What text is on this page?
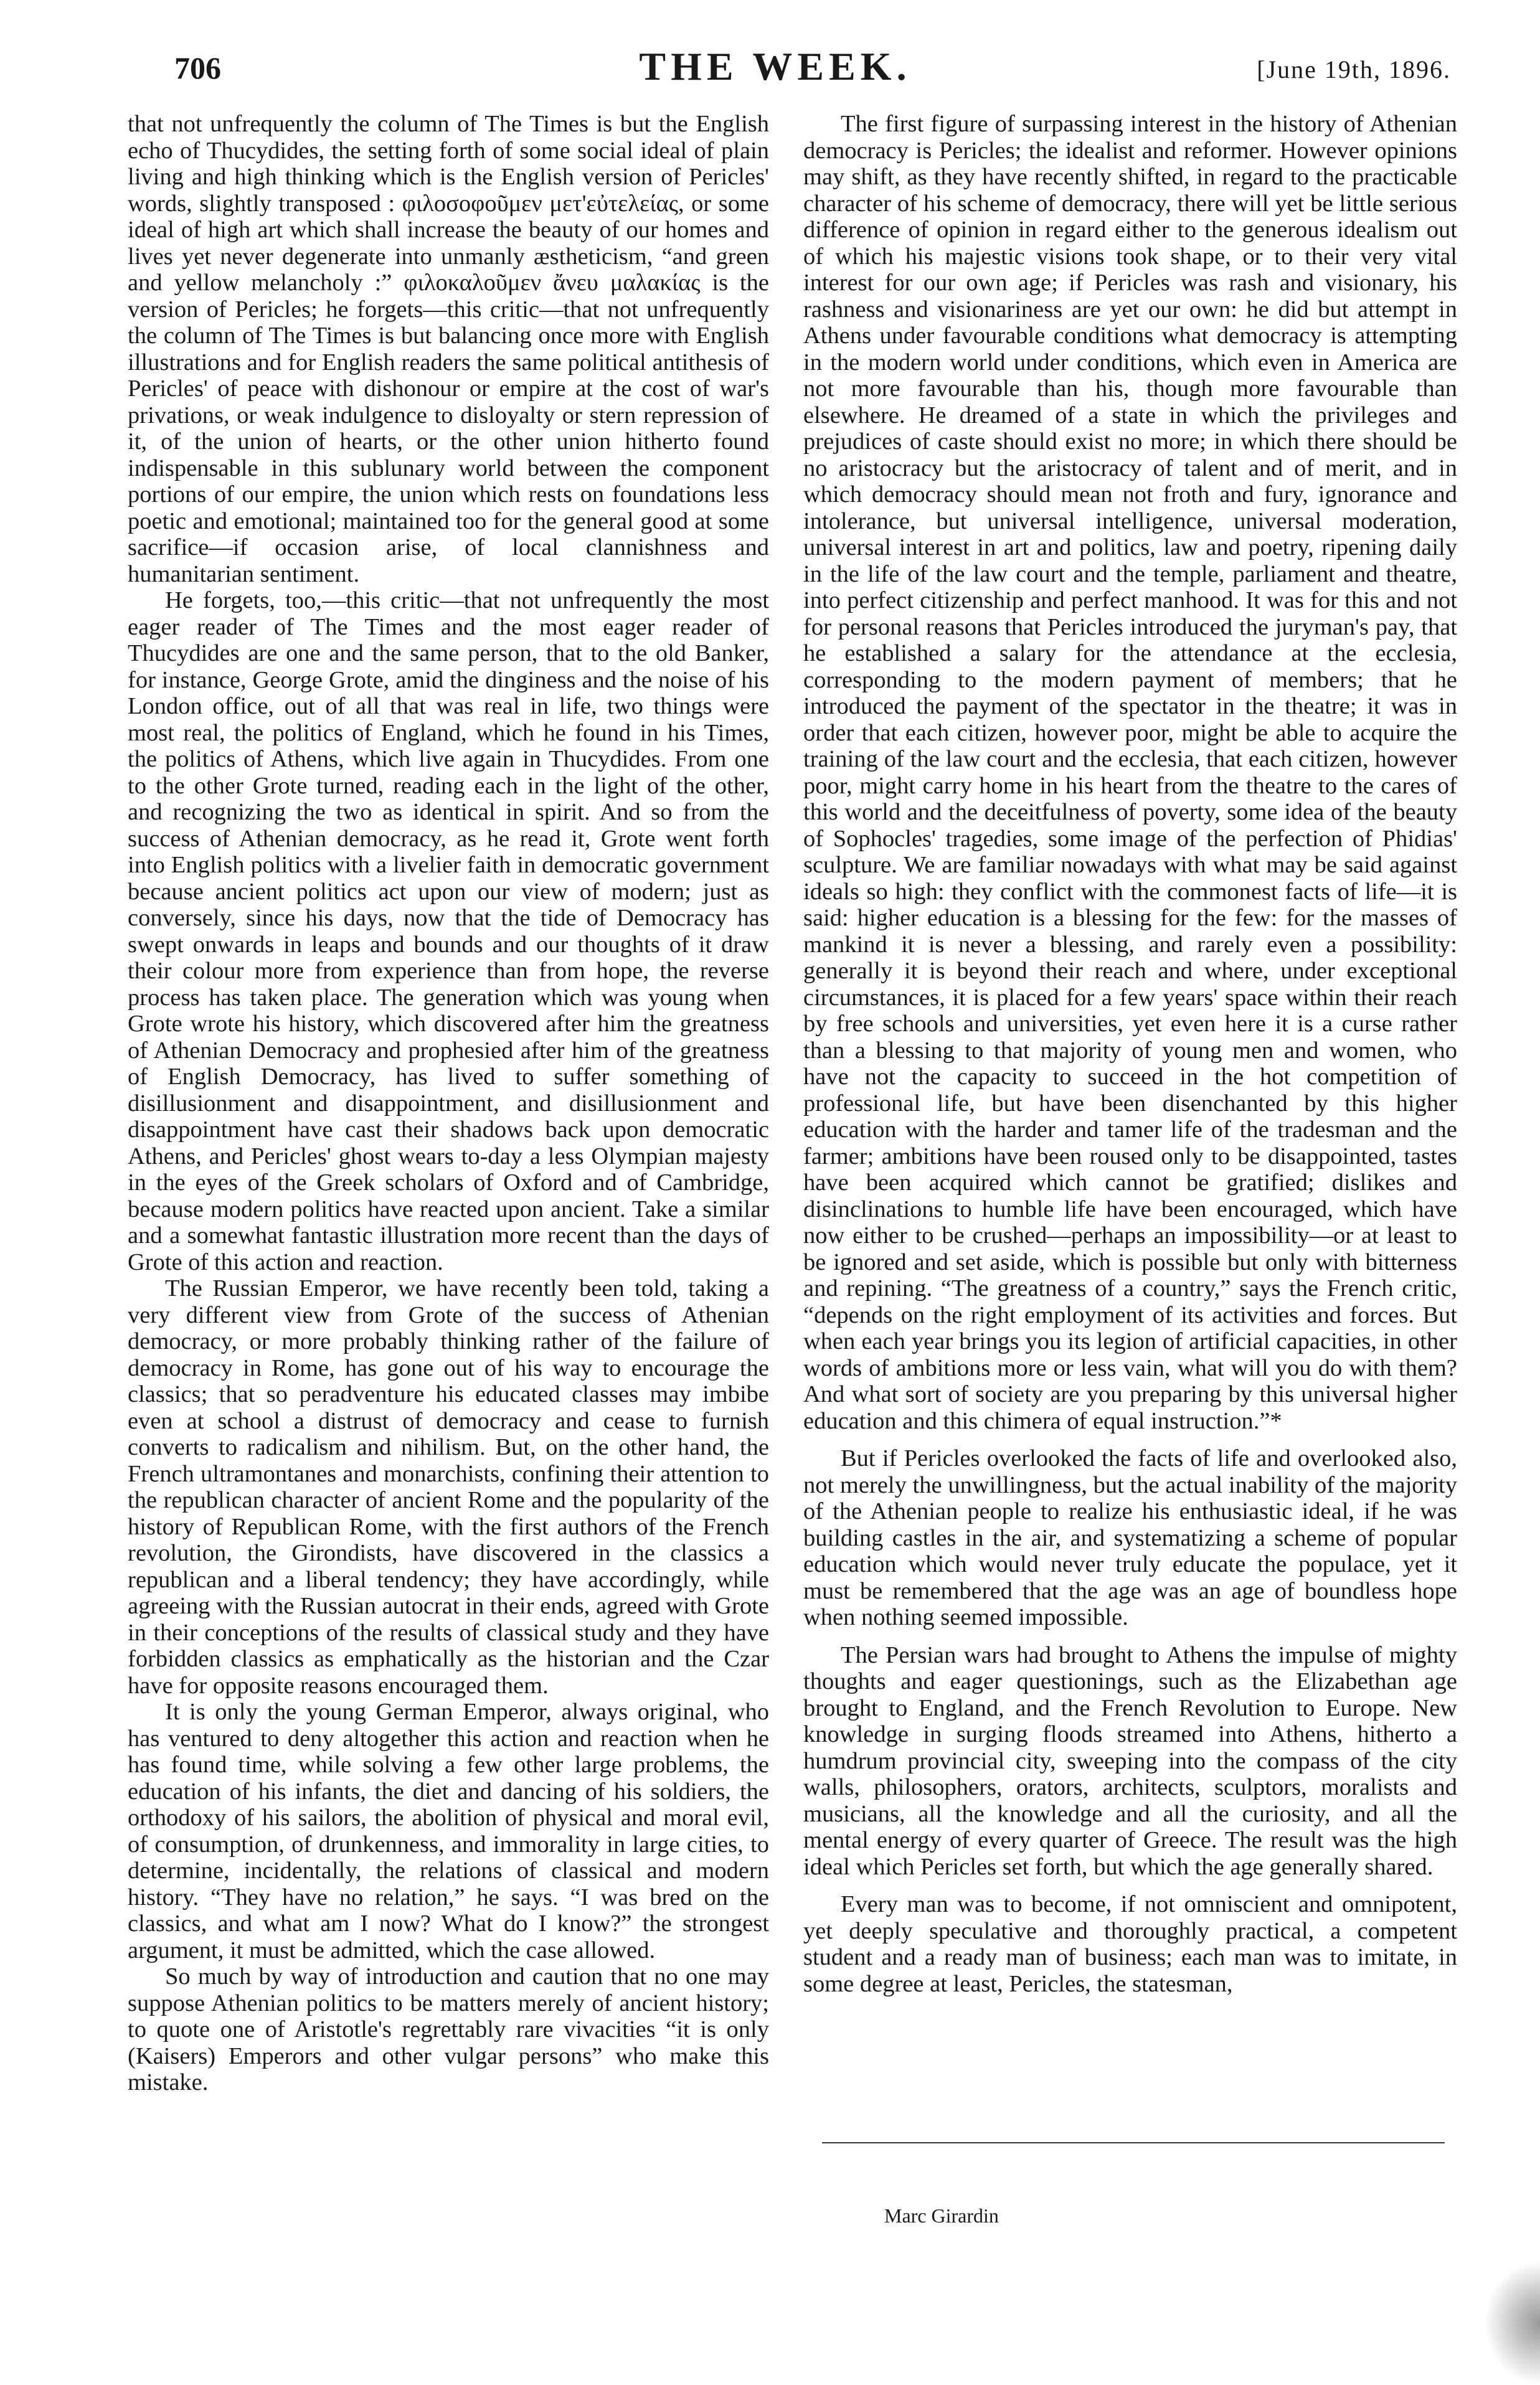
706	THE WEEK.	[June 19th, 1896.

that not unfrequently the column of The Times is but the English echo of Thucydides, the setting forth of some social ideal of plain living and high thinking which is the English version of Pericles' words, slightly transposed : φιλοσοφοῦμεν μετ'εὐτελείας, or some ideal of high art which shall increase the beauty of our homes and lives yet never degenerate into unmanly æstheticism, “and green and yellow melancholy :” φιλοκαλοῦμεν ἄνευ μαλακίας is the version of Pericles; he forgets—this critic—that not unfrequently the column of The Times is but balancing once more with English illustrations and for English readers the same political antithesis of Pericles' of peace with dishonour or empire at the cost of war's privations, or weak indulgence to disloyalty or stern repression of it, of the union of hearts, or the other union hitherto found indispensable in this sublunary world between the component portions of our empire, the union which rests on foundations less poetic and emotional; maintained too for the general good at some sacrifice—if occasion arise, of local clannishness and humanitarian sentiment.

He forgets, too,—this critic—that not unfrequently the most eager reader of The Times and the most eager reader of Thucydides are one and the same person, that to the old Banker, for instance, George Grote, amid the dinginess and the noise of his London office, out of all that was real in life, two things were most real, the politics of England, which he found in his Times, the politics of Athens, which live again in Thucydides. From one to the other Grote turned, reading each in the light of the other, and recognizing the two as identical in spirit. And so from the success of Athenian democracy, as he read it, Grote went forth into English politics with a livelier faith in democratic government because ancient politics act upon our view of modern; just as conversely, since his days, now that the tide of Democracy has swept onwards in leaps and bounds and our thoughts of it draw their colour more from experience than from hope, the reverse process has taken place. The generation which was young when Grote wrote his history, which discovered after him the greatness of Athenian Democracy and prophesied after him of the greatness of English Democracy, has lived to suffer something of disillusionment and disappointment, and disillusionment and disappointment have cast their shadows back upon democratic Athens, and Pericles' ghost wears to-day a less Olympian majesty in the eyes of the Greek scholars of Oxford and of Cambridge, because modern politics have reacted upon ancient. Take a similar and a somewhat fantastic illustration more recent than the days of Grote of this action and reaction.

The Russian Emperor, we have recently been told, taking a very different view from Grote of the success of Athenian democracy, or more probably thinking rather of the failure of democracy in Rome, has gone out of his way to encourage the classics; that so peradventure his educated classes may imbibe even at school a distrust of democracy and cease to furnish converts to radicalism and nihilism. But, on the other hand, the French ultramontanes and monarchists, confining their attention to the republican character of ancient Rome and the popularity of the history of Republican Rome, with the first authors of the French revolution, the Girondists, have discovered in the classics a republican and a liberal tendency; they have accordingly, while agreeing with the Russian autocrat in their ends, agreed with Grote in their conceptions of the results of classical study and they have forbidden classics as emphatically as the historian and the Czar have for opposite reasons encouraged them.

It is only the young German Emperor, always original, who has ventured to deny altogether this action and reaction when he has found time, while solving a few other large problems, the education of his infants, the diet and dancing of his soldiers, the orthodoxy of his sailors, the abolition of physical and moral evil, of consumption, of drunkenness, and immorality in large cities, to determine, incidentally, the relations of classical and modern history. “They have no relation,” he says. “I was bred on the classics, and what am I now? What do I know?” the strongest argument, it must be admitted, which the case allowed.

So much by way of introduction and caution that no one may suppose Athenian politics to be matters merely of ancient history; to quote one of Aristotle's regrettably rare vivacities “it is only (Kaisers) Emperors and other vulgar persons” who make this mistake.

The first figure of surpassing interest in the history of Athenian democracy is Pericles; the idealist and reformer. However opinions may shift, as they have recently shifted, in regard to the practicable character of his scheme of democracy, there will yet be little serious difference of opinion in regard either to the generous idealism out of which his majestic visions took shape, or to their very vital interest for our own age; if Pericles was rash and visionary, his rashness and visionariness are yet our own: he did but attempt in Athens under favourable conditions what democracy is attempting in the modern world under conditions, which even in America are not more favourable than his, though more favourable than elsewhere. He dreamed of a state in which the privileges and prejudices of caste should exist no more; in which there should be no aristocracy but the aristocracy of talent and of merit, and in which democracy should mean not froth and fury, ignorance and intolerance, but universal intelligence, universal moderation, universal interest in art and politics, law and poetry, ripening daily in the life of the law court and the temple, parliament and theatre, into perfect citizenship and perfect manhood. It was for this and not for personal reasons that Pericles introduced the juryman's pay, that he established a salary for the attendance at the ecclesia, corresponding to the modern payment of members; that he introduced the payment of the spectator in the theatre; it was in order that each citizen, however poor, might be able to acquire the training of the law court and the ecclesia, that each citizen, however poor, might carry home in his heart from the theatre to the cares of this world and the deceitfulness of poverty, some idea of the beauty of Sophocles' tragedies, some image of the perfection of Phidias' sculpture. We are familiar nowadays with what may be said against ideals so high: they conflict with the commonest facts of life—it is said: higher education is a blessing for the few: for the masses of mankind it is never a blessing, and rarely even a possibility: generally it is beyond their reach and where, under exceptional circumstances, it is placed for a few years' space within their reach by free schools and universities, yet even here it is a curse rather than a blessing to that majority of young men and women, who have not the capacity to succeed in the hot competition of professional life, but have been disenchanted by this higher education with the harder and tamer life of the tradesman and the farmer; ambitions have been roused only to be disappointed, tastes have been acquired which cannot be gratified; dislikes and disinclinations to humble life have been encouraged, which have now either to be crushed—perhaps an impossibility—or at least to be ignored and set aside, which is possible but only with bitterness and repining. “The greatness of a country,” says the French critic, “depends on the right employment of its activities and forces. But when each year brings you its legion of artificial capacities, in other words of ambitions more or less vain, what will you do with them? And what sort of society are you preparing by this universal higher education and this chimera of equal instruction.”*

But if Pericles overlooked the facts of life and overlooked also, not merely the unwillingness, but the actual inability of the majority of the Athenian people to realize his enthusiastic ideal, if he was building castles in the air, and systematizing a scheme of popular education which would never truly educate the populace, yet it must be remembered that the age was an age of boundless hope when nothing seemed impossible.

The Persian wars had brought to Athens the impulse of mighty thoughts and eager questionings, such as the Elizabethan age brought to England, and the French Revolution to Europe. New knowledge in surging floods streamed into Athens, hitherto a humdrum provincial city, sweeping into the compass of the city walls, philosophers, orators, architects, sculptors, moralists and musicians, all the knowledge and all the curiosity, and all the mental energy of every quarter of Greece. The result was the high ideal which Pericles set forth, but which the age generally shared.

Every man was to become, if not omniscient and omnipotent, yet deeply speculative and thoroughly practical, a competent student and a ready man of business; each man was to imitate, in some degree at least, Pericles, the statesman,

Marc Girardin
